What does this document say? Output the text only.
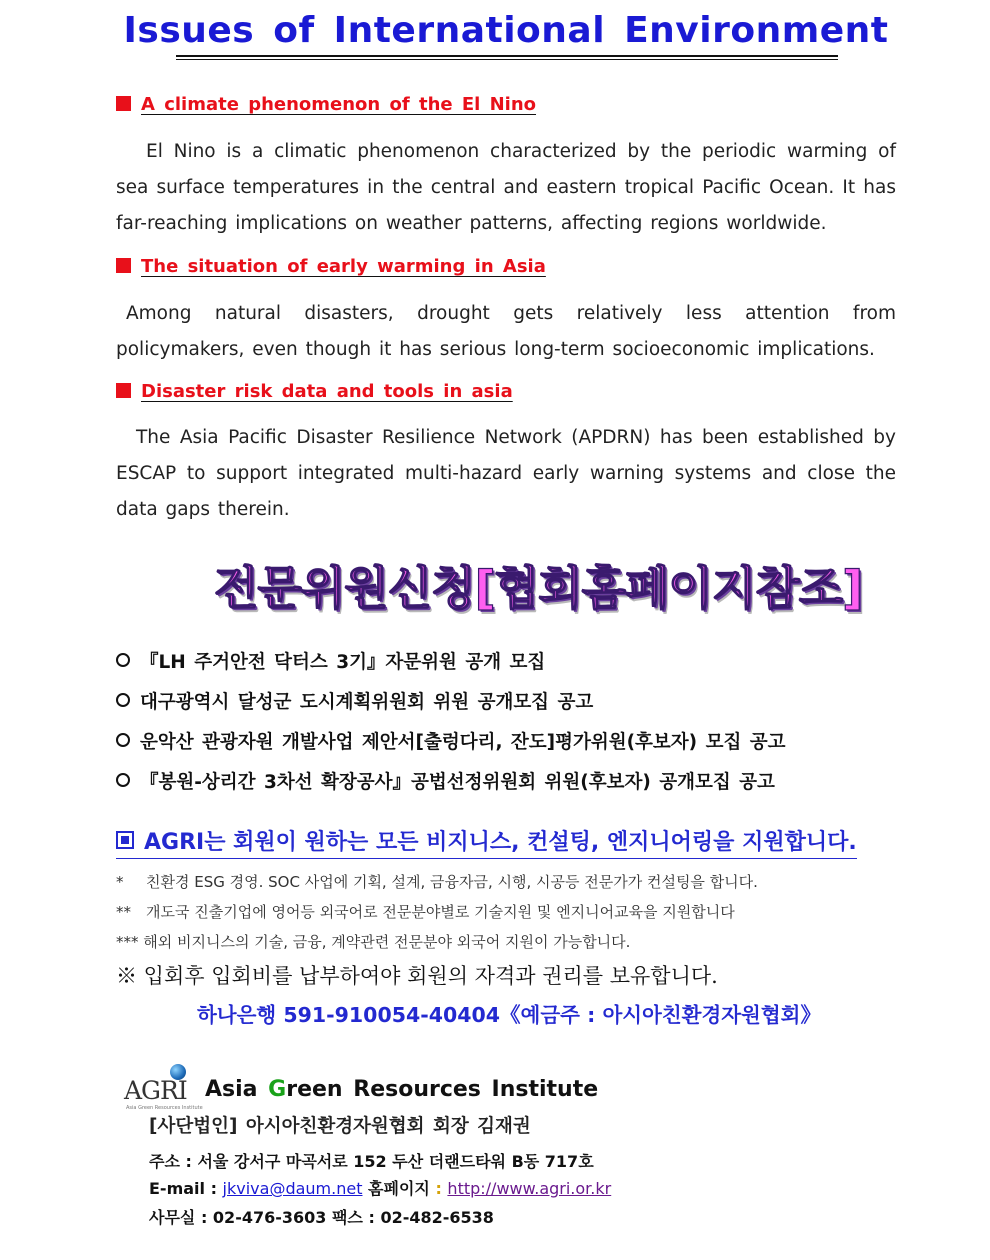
Issues of International Environment
A climate phenomenon of the El Nino
El Nino is a climatic phenomenon characterized by the periodic warming of sea surface temperatures in the central and eastern tropical Pacific Ocean. It has far-reaching implications on weather patterns, affecting regions worldwide.
The situation of early warming in Asia
Among natural disasters, drought gets relatively less attention from policymakers, even though it has serious long-term socioeconomic implications.
Disaster risk data and tools in asia
The Asia Pacific Disaster Resilience Network (APDRN) has been established by ESCAP to support integrated multi-hazard early warning systems and close the data gaps therein.
전문위원신청[협회홈페이지참조]
『LH 주거안전 닥터스 3기』자문위원 공개 모집
대구광역시 달성군 도시계획위원회 위원 공개모집 공고
운악산 관광자원 개발사업 제안서[출렁다리, 잔도]평가위원(후보자) 모집 공고
『봉원-상리간 3차선 확장공사』공법선정위원회 위원(후보자) 공개모집 공고
AGRI는 회원이 원하는 모든 비지니스, 컨설팅, 엔지니어링을 지원합니다.
* 친환경 ESG 경영. SOC 사업에 기획, 설계, 금융자금, 시행, 시공등 전문가가 컨설팅을 합니다.
** 개도국 진출기업에 영어등 외국어로 전문분야별로 기술지원 및 엔지니어교육을 지원합니다
*** 해외 비지니스의 기술, 금융, 계약관련 전문분야 외국어 지원이 가능합니다.
※ 입회후 입회비를 납부하여야 회원의 자격과 권리를 보유합니다.
하나은행 591-910054-40404《예금주 : 아시아친환경자원협회》
AGRI
Asia Green Resources Institute
Asia Green Resources Institute
[사단법인] 아시아친환경자원협회 회장 김재권
주소 : 서울 강서구 마곡서로 152 두산 더랜드타워 B동 717호
E-mail : jkviva@daum.net 홈페이지 : http://www.agri.or.kr
사무실 : 02-476-3603 팩스 : 02-482-6538
